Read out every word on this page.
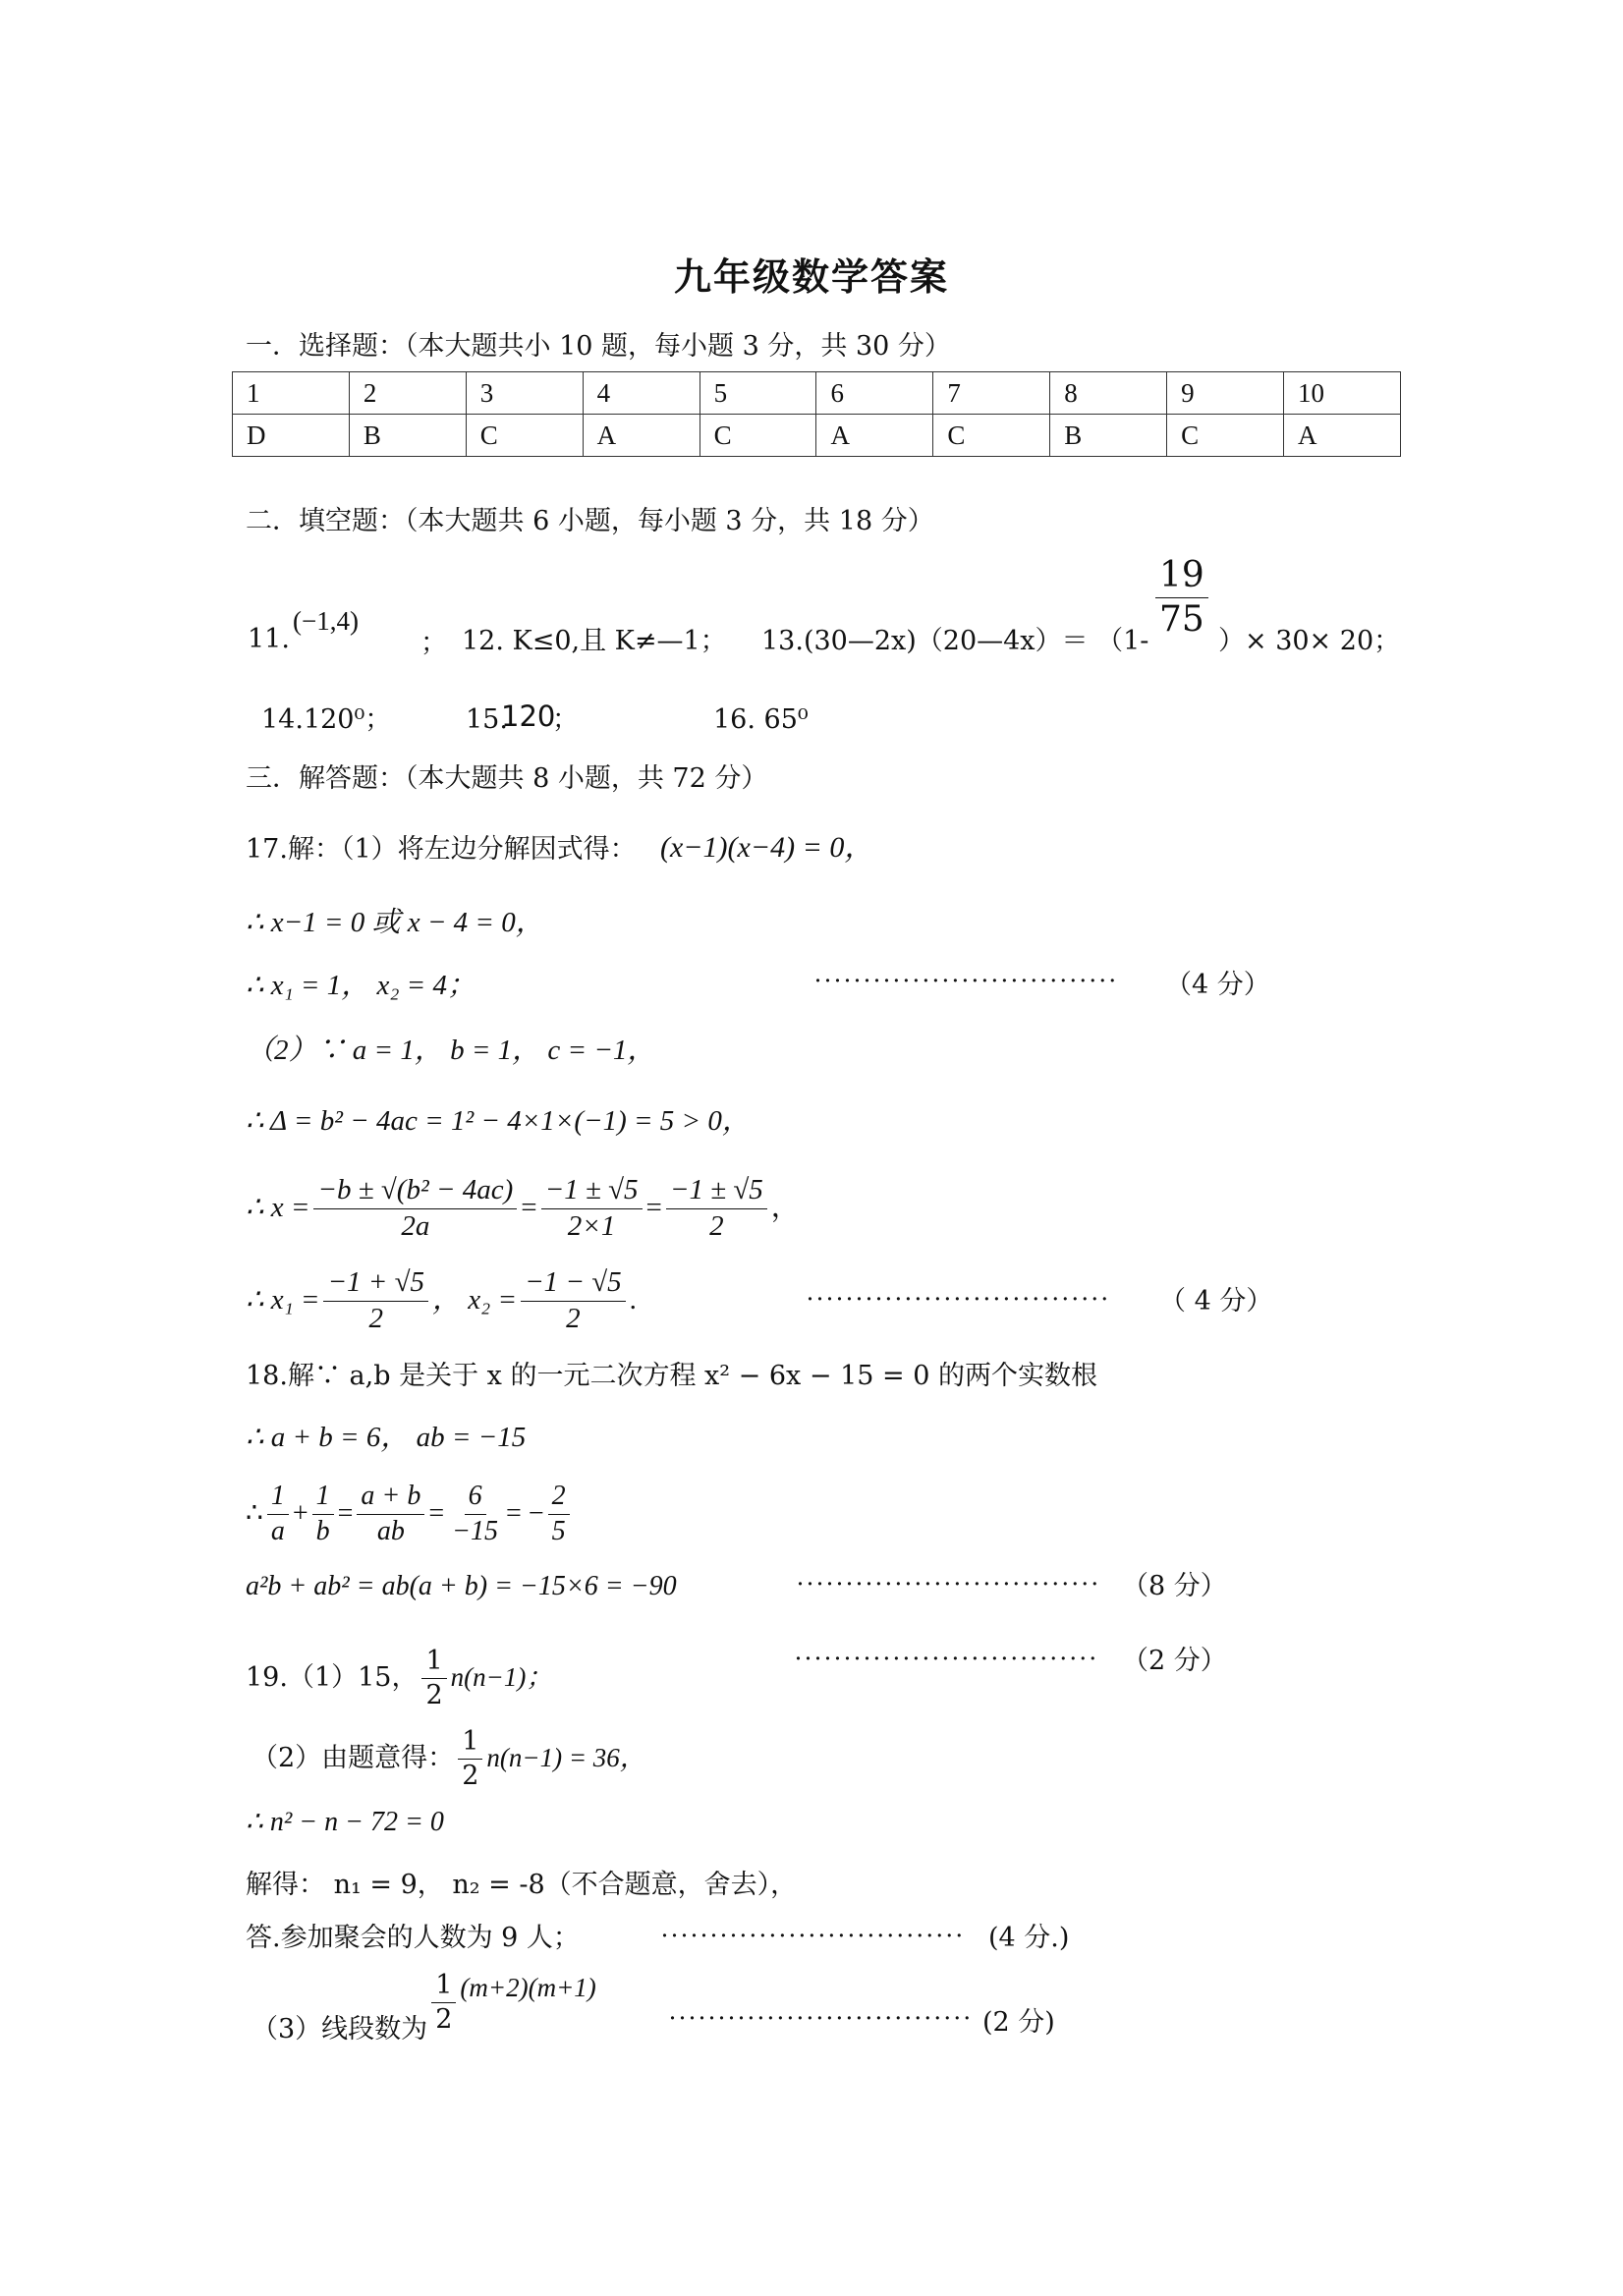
九年级数学答案
一．选择题：（本大题共小 10 题，每小题 3 分，共 30 分）
1	2	3	4	5	6	7	8	9	10
D	B	C	A	C	A	C	B	C	A
二．填空题：（本大题共 6 小题，每小题 3 分，共 18 分）
11.
(−1,4)
； 12. K≤0,且 K≠—1； 13.(30—2x)（20—4x）＝ （1-
$\frac{19}{75}$
）× 30× 20；
14.120⁰；	15.
120
；	16. 65⁰
三．解答题：（本大题共 8 小题，共 72 分）
17.解：（1）将左边分解因式得： (x−1)(x−4) = 0，
∴ x−1 = 0 或 x − 4 = 0，
∴ x₁ = 1， x₂ = 4；	······························· （4 分）
（2）∵ a = 1， b = 1， c = −1，
∴ Δ = b² − 4ac = 1² − 4×1×(−1) = 5 > 0，
∴ $x = \frac{\text{−b ± √(b² − 4ac)}}{2a} = \frac{-1 \pm √5}{2\times 1} = \frac{-1 \pm √5}{2}$ ，
∴ $x_1 = \frac{-1 + √5}{2}$ ， $x_2 = \frac{-1 - √5}{2}$ .	······························· （ 4 分）
18.解∵ a,b 是关于 x 的一元二次方程 x² − 6x − 15 = 0 的两个实数根
∴ a + b = 6， ab = −15
∴ $\frac{1}{a} + \frac{1}{b} = \frac{a + b}{ab} = \frac{6}{-15}$ = − $\frac{2}{5}$
a²b + ab² = ab(a + b) = −15×6 = −90	······························· （8 分）
19.（1）15， $\frac{1}{2} n(n-1)$；
······························· （2 分）
（2）由题意得： $\frac{1}{2} n(n-1) = 36$，
∴ n² − n − 72 = 0
解得： n₁ = 9， n₂ = -8（不合题意，舍去），
答.参加聚会的人数为 9 人；	······························· (4 分.)
（3）线段数为 $\frac{1}{2} (m+2)(m+1)$
······························· (2 分)
